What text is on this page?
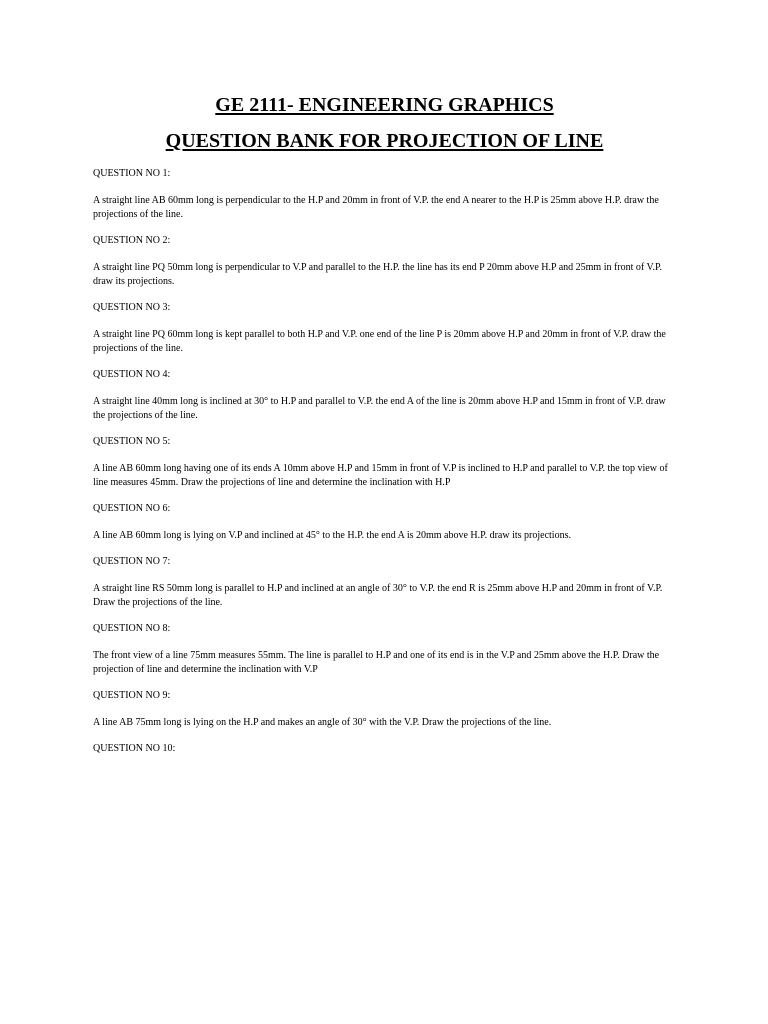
GE 2111- ENGINEERING GRAPHICS
QUESTION BANK FOR PROJECTION OF LINE

QUESTION NO 1:

A straight line AB 60mm long is perpendicular to the H.P and 20mm in front of V.P. the end A nearer to the H.P is 25mm above H.P. draw the projections of the line.

QUESTION NO 2:

A straight line PQ 50mm long is perpendicular to V.P and parallel to the H.P. the line has its end P 20mm above H.P and 25mm in front of V.P. draw its projections.

QUESTION NO 3:

A straight line PQ 60mm long is kept parallel to both H.P and V.P. one end of the line P is 20mm above H.P and 20mm in front of V.P. draw the projections of the line.

QUESTION NO 4:

A straight line 40mm long is inclined at 30° to H.P and parallel to V.P. the end A of the line is 20mm above H.P and 15mm in front of V.P. draw the projections of the line.

QUESTION NO 5:

A line AB 60mm long having one of its ends A 10mm above H.P and 15mm in front of V.P is inclined to H.P and parallel to V.P. the top view of line measures 45mm. Draw the projections of line and determine the inclination with H.P

QUESTION NO 6:

A line AB 60mm long is lying on V.P and inclined at 45° to the H.P. the end A is 20mm above H.P. draw its projections.

QUESTION NO 7:

A straight line RS 50mm long is parallel to H.P and inclined at an angle of 30° to V.P. the end R is 25mm above H.P and 20mm in front of V.P. Draw the projections of the line.

QUESTION NO 8:

The front view of a line 75mm measures 55mm. The line is parallel to H.P and one of its end is in the V.P and 25mm above the H.P. Draw the projection of line and determine the inclination with V.P

QUESTION NO 9:

A line AB 75mm long is lying on the H.P and makes an angle of 30° with the V.P. Draw the projections of the line.

QUESTION NO 10:
